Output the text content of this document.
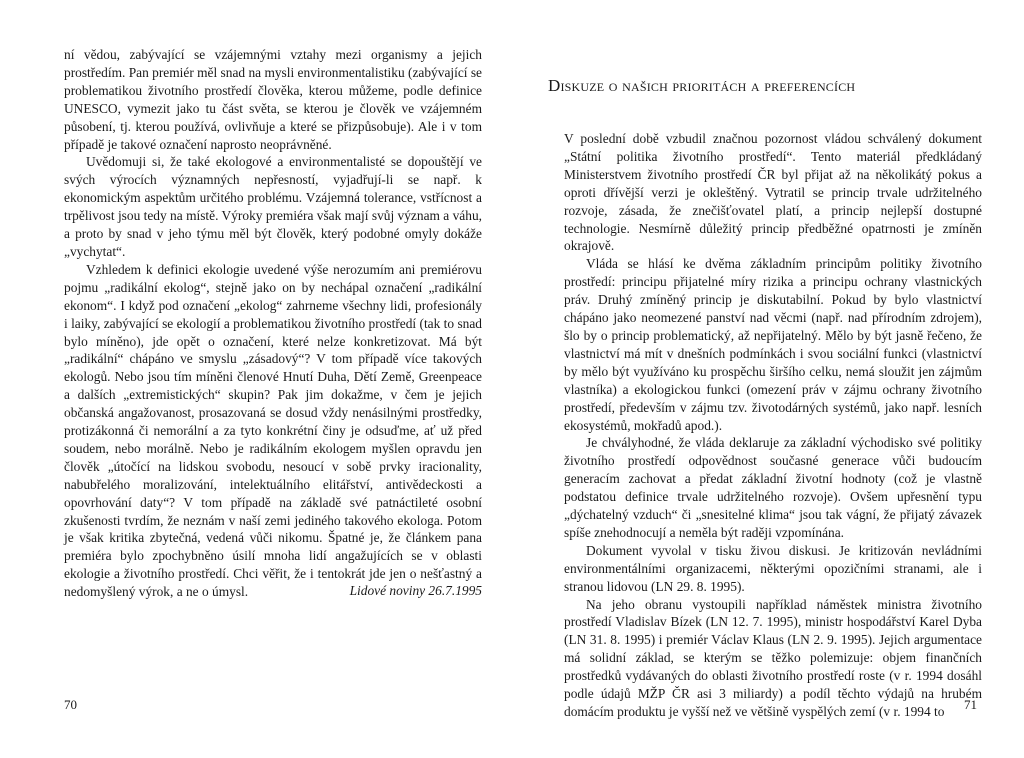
ní vědou, zabývající se vzájemnými vztahy mezi organismy a jejich prostředím. Pan premiér měl snad na mysli environmentalistiku (zabývající se problematikou životního prostředí člověka, kterou můžeme, podle definice UNESCO, vymezit jako tu část světa, se kterou je člověk ve vzájemném působení, tj. kterou používá, ovlivňuje a které se přizpůsobuje). Ale i v tom případě je takové označení naprosto neoprávněné.

Uvědomuji si, že také ekologové a environmentalisté se dopouštějí ve svých výrocích významných nepřesností, vyjadřují-li se např. k ekonomickým aspektům určitého problému. Vzájemná tolerance, vstřícnost a trpělivost jsou tedy na místě. Výroky premiéra však mají svůj význam a váhu, a proto by snad v jeho týmu měl být člověk, který podobné omyly dokáže „vychytat“.

Vzhledem k definici ekologie uvedené výše nerozumím ani premiérovu pojmu „radikální ekolog“, stejně jako on by nechápal označení „radikální ekonom“. I když pod označení „ekolog“ zahrneme všechny lidi, profesionály i laiky, zabývající se ekologií a problematikou životního prostředí (tak to snad bylo míněno), jde opět o označení, které nelze konkretizovat. Má být „radikální“ chápáno ve smyslu „zásadový“? V tom případě více takových ekologů. Nebo jsou tím míněni členové Hnutí Duha, Dětí Země, Greenpeace a dalších „extremistických“ skupin? Pak jim dokažme, v čem je jejich občanská angažovanost, prosazovaná se dosud vždy nenásilnými prostředky, protizákonná či nemorální a za tyto konkrétní činy je odsuďme, ať už před soudem, nebo morálně. Nebo je radikálním ekologem myšlen opravdu jen člověk „útočící na lidskou svobodu, nesoucí v sobě prvky iracionality, nabubřelého moralizování, intelektuálního elitářství, antivědeckosti a opovrhování daty“? V tom případě na základě své patnáctileté osobní zkušenosti tvrdím, že neznám v naší zemi jediného takového ekologa. Potom je však kritika zbytečná, vedená vůči nikomu. Špatné je, že článkem pana premiéra bylo zpochybněno úsilí mnoha lidí angažujících se v oblasti ekologie a životního prostředí. Chci věřit, že i tentokrát jde jen o nešťastný a nedomyšlený výrok, a ne o úmysl.	Lidové noviny 26.7.1995
70
Diskuze o našich prioritách a preferencích

V poslední době vzbudil značnou pozornost vládou schválený dokument „Státní politika životního prostředí“. Tento materiál předkládaný Ministerstvem životního prostředí ČR byl přijat až na několikátý pokus a oproti dřívější verzi je okleštěný. Vytratil se princip trvale udržitelného rozvoje, zásada, že znečišťovatel platí, a princip nejlepší dostupné technologie. Nesmírně důležitý princip předběžné opatrnosti je zmíněn okrajově.

Vláda se hlásí ke dvěma základním principům politiky životního prostředí: principu přijatelné míry rizika a principu ochrany vlastnických práv. Druhý zmíněný princip je diskutabilní. Pokud by bylo vlastnictví chápáno jako neomezené panství nad věcmi (např. nad přírodním zdrojem), šlo by o princip problematický, až nepřijatelný. Mělo by být jasně řečeno, že vlastnictví má mít v dnešních podmínkách i svou sociální funkci (vlastnictví by mělo být využíváno ku prospěchu širšího celku, nemá sloužit jen zájmům vlastníka) a ekologickou funkci (omezení práv v zájmu ochrany životního prostředí, především v zájmu tzv. životodárných systémů, jako např. lesních ekosystémů, mokřadů apod.).

Je chvályhodné, že vláda deklaruje za základní východisko své politiky životního prostředí odpovědnost současné generace vůči budoucím generacím zachovat a předat základní životní hodnoty (což je vlastně podstatou definice trvale udržitelného rozvoje). Ovšem upřesnění typu „dýchatelný vzduch“ či „snesitelné klima“ jsou tak vágní, že přijatý závazek spíše znehodnocují a neměla být raději vzpomínána.

Dokument vyvolal v tisku živou diskusi. Je kritizován nevládními environmentálními organizacemi, některými opozičními stranami, ale i stranou lidovou (LN 29. 8. 1995).

Na jeho obranu vystoupili například náměstek ministra životního prostředí Vladislav Bízek (LN 12. 7. 1995), ministr hospodářství Karel Dyba (LN 31. 8. 1995) i premiér Václav Klaus (LN 2. 9. 1995). Jejich argumentace má solidní základ, se kterým se těžko polemizuje: objem finančních prostředků vydávaných do oblasti životního prostředí roste (v r. 1994 dosáhl podle údajů MŽP ČR asi 3 miliardy) a podíl těchto výdajů na hrubém domácím produktu je vyšší než ve většině vyspělých zemí (v r. 1994 to	71
